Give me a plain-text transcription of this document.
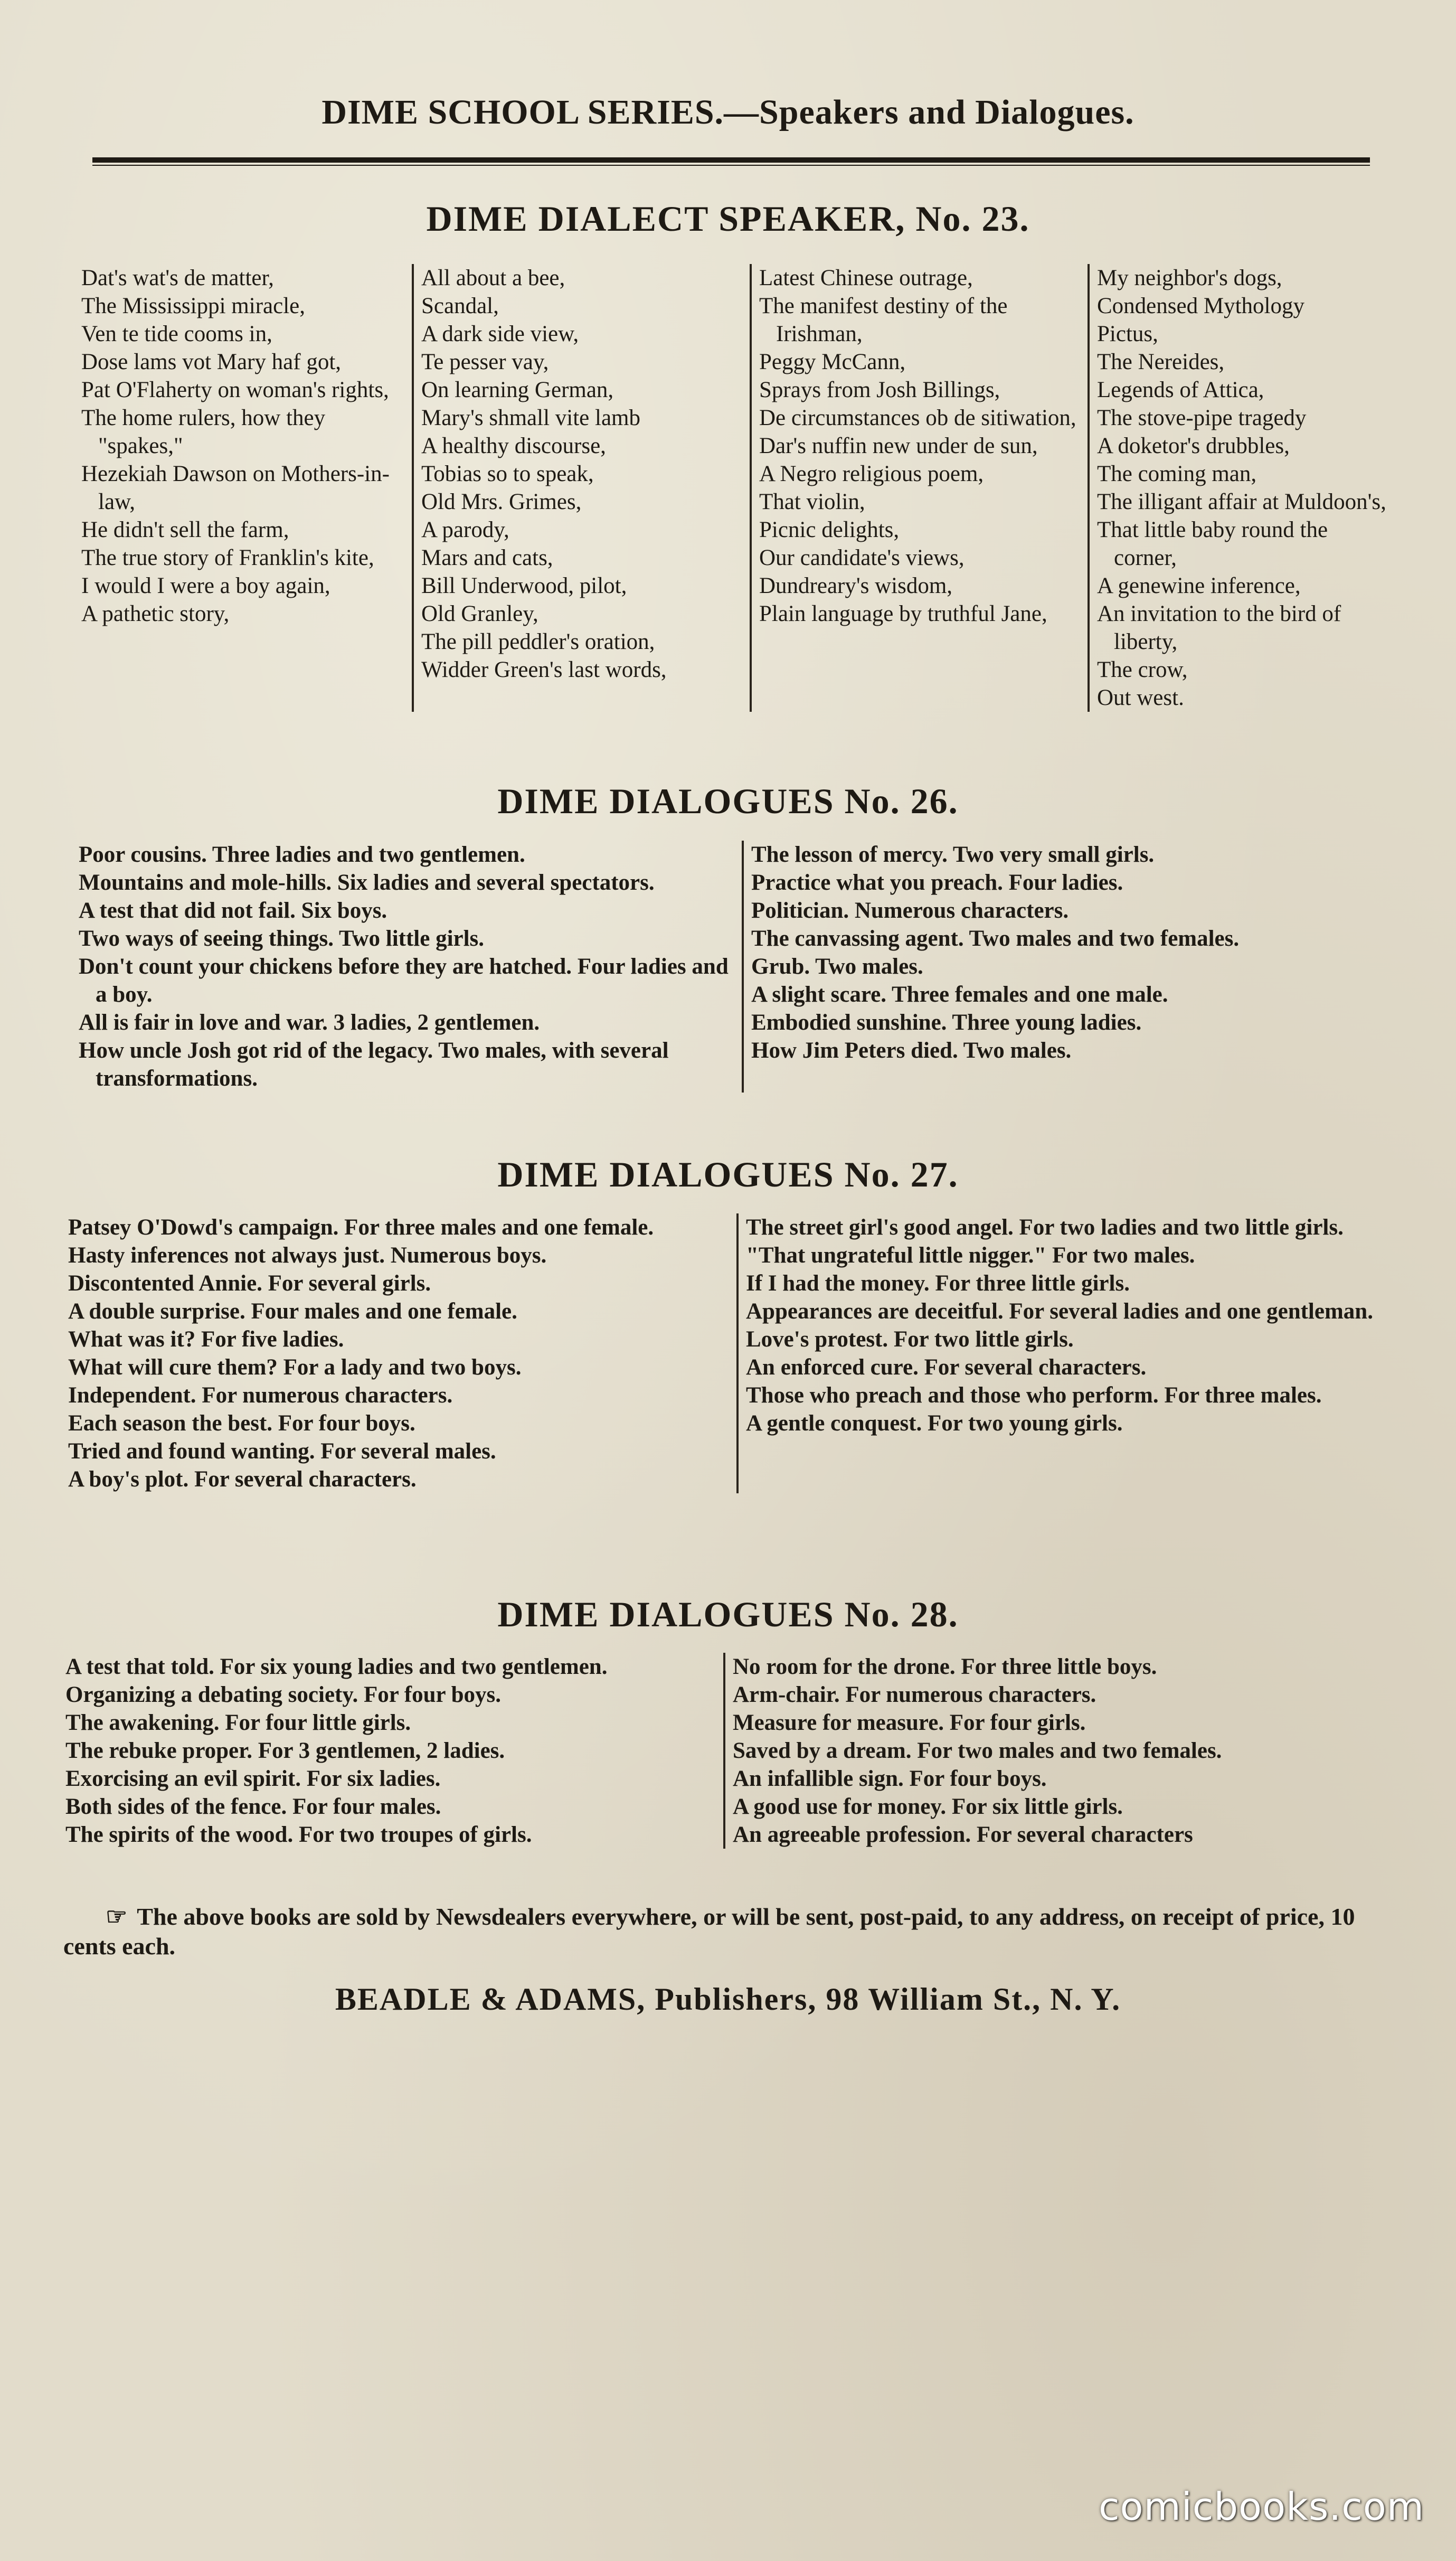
DIME SCHOOL SERIES.—Speakers and Dialogues.
DIME DIALECT SPEAKER, No. 23.
Dat's wat's de matter,
The Mississippi miracle,
Ven te tide cooms in,
Dose lams vot Mary haf got,
Pat O'Flaherty on woman's rights,
The home rulers, how they "spakes,"
Hezekiah Dawson on Mothers-in-law,
He didn't sell the farm,
The true story of Franklin's kite,
I would I were a boy again,
A pathetic story,
All about a bee,
Scandal,
A dark side view,
Te pesser vay,
On learning German,
Mary's shmall vite lamb
A healthy discourse,
Tobias so to speak,
Old Mrs. Grimes,
A parody,
Mars and cats,
Bill Underwood, pilot,
Old Granley,
The pill peddler's oration,
Widder Green's last words,
Latest Chinese outrage,
The manifest destiny of the Irishman,
Peggy McCann,
Sprays from Josh Billings,
De circumstances ob de sitiwation,
Dar's nuffin new under de sun,
A Negro religious poem,
That violin,
Picnic delights,
Our candidate's views,
Dundreary's wisdom,
Plain language by truthful Jane,
My neighbor's dogs,
Condensed Mythology
Pictus,
The Nereides,
Legends of Attica,
The stove-pipe tragedy
A doketor's drubbles,
The coming man,
The illigant affair at Muldoon's,
That little baby round the corner,
A genewine inference,
An invitation to the bird of liberty,
The crow,
Out west.
DIME DIALOGUES No. 26.
Poor cousins. Three ladies and two gentlemen.
Mountains and mole-hills. Six ladies and several spectators.
A test that did not fail. Six boys.
Two ways of seeing things. Two little girls.
Don't count your chickens before they are hatched. Four ladies and a boy.
All is fair in love and war. 3 ladies, 2 gentlemen.
How uncle Josh got rid of the legacy. Two males, with several transformations.
The lesson of mercy. Two very small girls.
Practice what you preach. Four ladies.
Politician. Numerous characters.
The canvassing agent. Two males and two females.
Grub. Two males.
A slight scare. Three females and one male.
Embodied sunshine. Three young ladies.
How Jim Peters died. Two males.
DIME DIALOGUES No. 27.
Patsey O'Dowd's campaign. For three males and one female.
Hasty inferences not always just. Numerous boys.
Discontented Annie. For several girls.
A double surprise. Four males and one female.
What was it? For five ladies.
What will cure them? For a lady and two boys.
Independent. For numerous characters.
Each season the best. For four boys.
Tried and found wanting. For several males.
A boy's plot. For several characters.
The street girl's good angel. For two ladies and two little girls.
"That ungrateful little nigger." For two males.
If I had the money. For three little girls.
Appearances are deceitful. For several ladies and one gentleman.
Love's protest. For two little girls.
An enforced cure. For several characters.
Those who preach and those who perform. For three males.
A gentle conquest. For two young girls.
DIME DIALOGUES No. 28.
A test that told. For six young ladies and two gentlemen.
Organizing a debating society. For four boys.
The awakening. For four little girls.
The rebuke proper. For 3 gentlemen, 2 ladies.
Exorcising an evil spirit. For six ladies.
Both sides of the fence. For four males.
The spirits of the wood. For two troupes of girls.
No room for the drone. For three little boys.
Arm-chair. For numerous characters.
Measure for measure. For four girls.
Saved by a dream. For two males and two females.
An infallible sign. For four boys.
A good use for money. For six little girls.
An agreeable profession. For several characters
☞ The above books are sold by Newsdealers everywhere, or will be sent, post-paid, to any address, on receipt of price, 10 cents each.
BEADLE & ADAMS, Publishers, 98 William St., N. Y.
comicbooks.com
